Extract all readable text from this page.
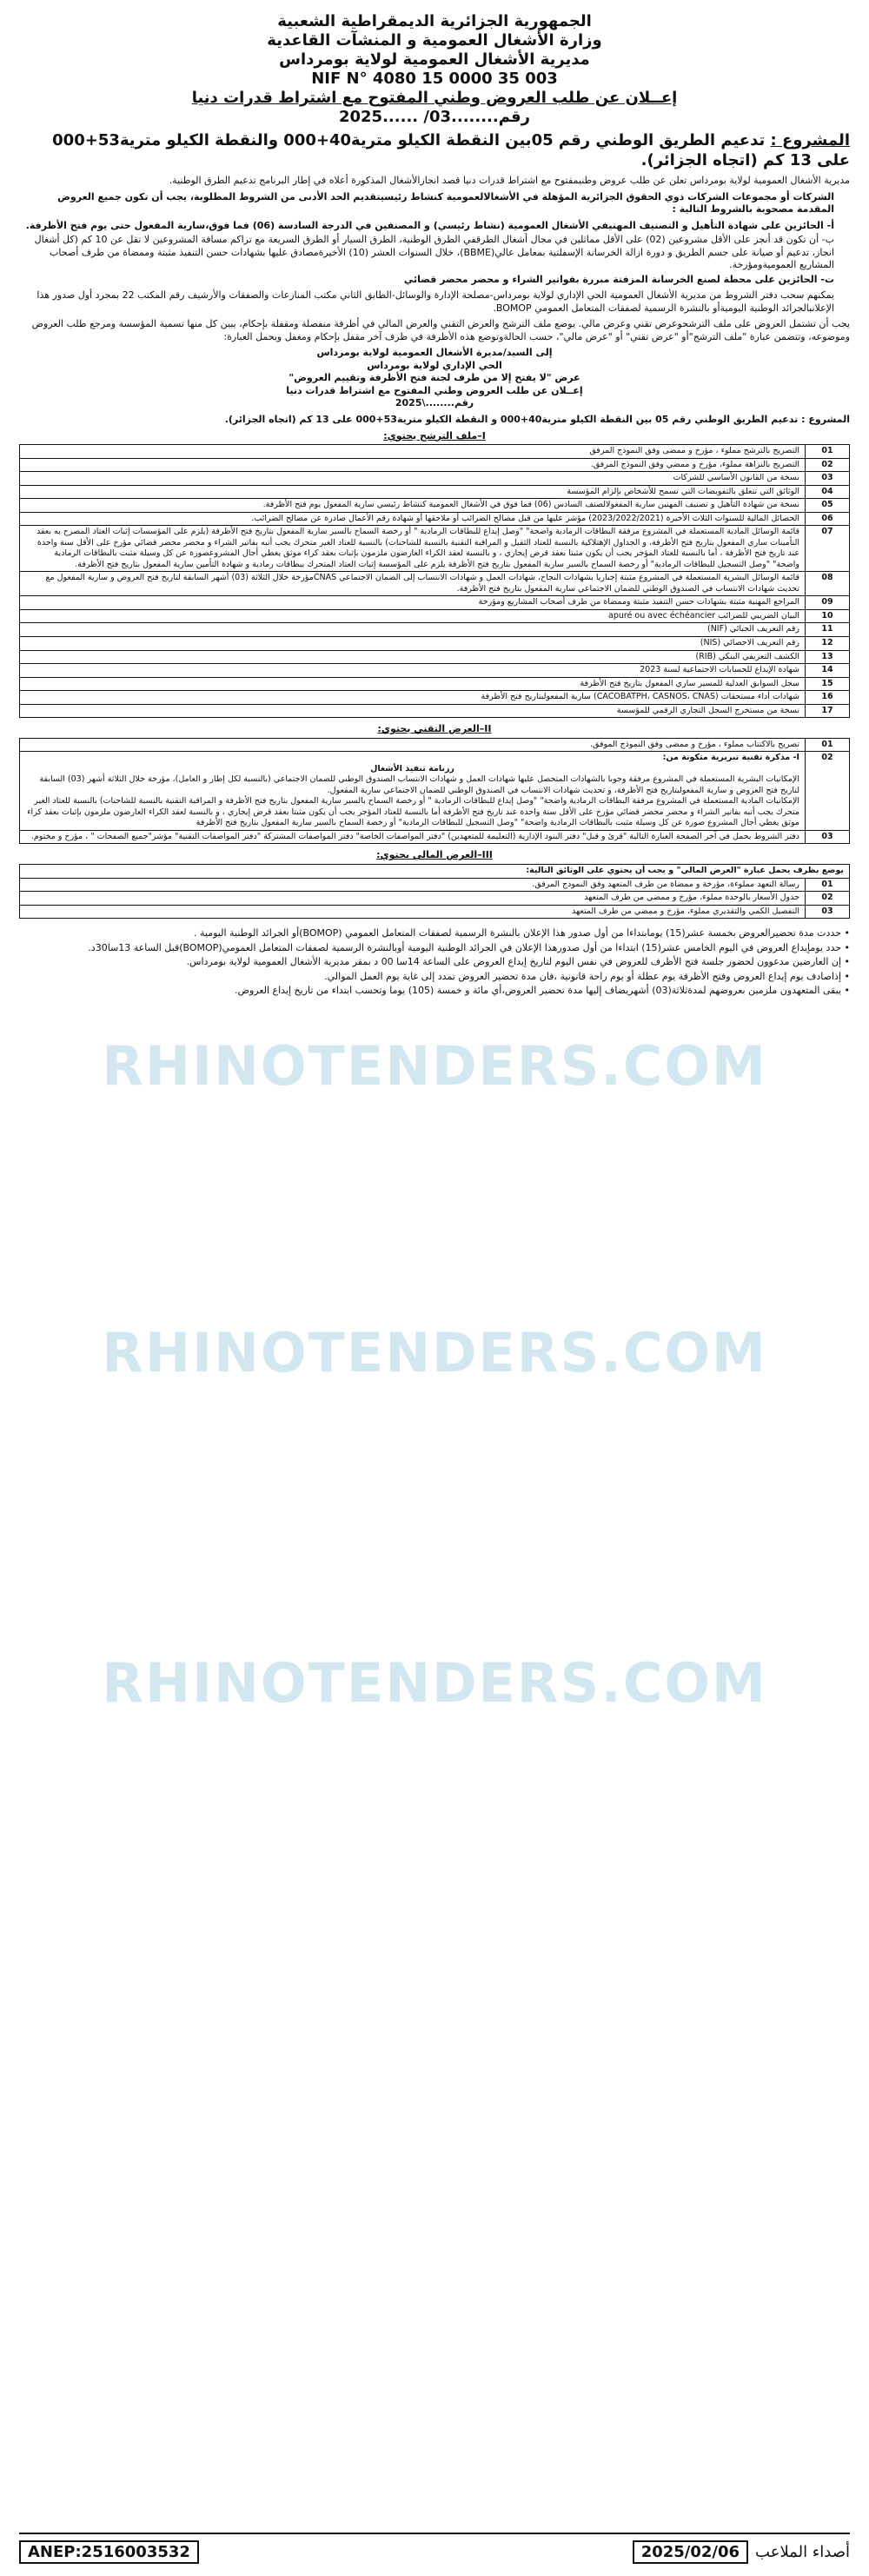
الجمهورية الجزائرية الديمقراطية الشعبية
وزارة الأشغال العمومية و المنشآت القاعدية
مديرية الأشغال العمومية لولاية بومرداس
NIF N° 4080 15 0000 35 003
إعــلان عن طلب العروض وطني المفتوح مع اشتراط قدرات دنيا
رقم........03/ ......2025
المشروع : تدعيم الطريق الوطني رقم 05بين النقطة الكيلو مترية40+000 والنقطة الكيلو مترية53+000 على 13 كم (اتجاه الجزائر).
مديرية الأشغال العمومية لولاية بومرداس تعلن عن طلب عروض وطنيمفتوح مع اشتراط قدرات دنيا قصد انجازالأشغال المذكورة أعلاه في إطار البرنامج تدعيم الطرق الوطنية.
الشركات أو مجموعات الشركات ذوي الحقوق الجزائرية المؤهلة في الأشغالالعمومية كنشاط رئيسيتقديم الحد الأدنى من الشروط المطلوبة، يجب أن تكون جميع العروض المقدمة مصحوبة بالشروط التالية :

أ- الحائزين على شهادة التأهيل و التصنيف المهنيفي الأشغال العمومية (نشاط رئيسي) و المصنفين في الدرجة السادسة (06) فما فوق،سارية المفعول حتى يوم فتح الأظرفة.

ب- أن تكون قد أنجز على الأقل مشروعين (02) على الأقل مماثلين في مجال أشغال الطرقفي الطرق الوطنية، الطرق السيار أو الطرق السريعة مع تراكم مسافة المشروعين لا تقل عن 10 كم (كل أشغال انجاز، تدعيم أو صيانة على جسم الطريق و دورة ازالة الخرسانة الإسفلتية بمعامل عالي(BBME)، خلال السنوات العشر (10) الأخيرةمصادق عليها بشهادات حسن التنفيذ مثبتة وممضاة من طرف أصحاب المشاريع العموميةومؤرخة.

ت- الحائزين على محطة لصنع الخرسانة المزفتة مبررة بفواتير الشراء و محضر محضر قضائي

يمكنهم سحب دفتر الشروط من مديرية الأشغال العمومية الحي الإداري لولاية بومرداس-مصلحة الإدارة والوسائل-الطابق الثاني مكتب المنازعات والصفقات والأرشيف رقم المكتب 22 بمجرد أول صدور هذا الإعلانبالجرائد الوطنية اليوميةأو بالنشرة الرسمية لصفقات المتعامل العمومي BOMOP.
يجب أن تشتمل العروض على ملف الترشحوعرض تقني وعرض مالي. يوضع ملف الترشح والعرض التقني والعرض المالي في أظرفة منفصلة ومقفلة بإحكام، يبين كل منها تسمية المؤسسة ومرجع طلب العروض وموضوعه، وتتضمن عبارة "ملف الترشح"أو "عرض تقني" أو "عرض مالي"، حسب الحالةوتوضع هذه الأظرفة في ظرف آخر مقفل بإحكام ومغفل وبحمل العبارة:
إلى السيد/مديرة الأشغال العمومية لولاية بومرداس
الحي الإداري لولاية بومرداس
عرض "لا يفتح إلا من طرف لجنة فتح الأظرفة وتقييم العروض"
إعــلان عن طلب العروض وطني المفتوح مع اشتراط قدرات دنيا
رقم........\2025
المشروع : تدعيم الطريق الوطني رقم 05 بين النقطة الكيلو مترية40+000 و النقطة الكيلو مترية53+000 على 13 كم (اتجاه الجزائر).
I–ملف الترشح يحتوي:
01	التصريح بالترشح مملوء ، مؤرخ و ممضى وفق النموذج المرفق
02	التصريح بالنزاهة مملوء، مؤرخ و ممضي وفق النموذج المرفق.
03	نسخة من القانون الأساسي للشركات
04	الوثائق التي تتعلق بالتفويضات التي تسمح للأشخاص بإلزام المؤسسة
05	نسخة من شهادة التأهيل و تصنيف المهنين سارية المفعولالصنف السادس (06) فما فوق في الأشغال العمومية كنشاط رئيسي سارية المفعول يوم فتح الأظرفة.
06	الحصائل المالية للسنوات الثلاث الأخيرة (2023/2022/2021) مؤشر عليها من قبل مصالح الضرائب أو ملاحقها أو شهادة رقم الأعمال صادرة عن مصالح الضرائب.
07	قائمة الوسائل المادية المستعملة في المشروع مرفقة البطاقات الرمادية واضحة" "وصل إيداع للبطاقات الرمادية " أو رخصة السماح بالسير سارية المفعول بتاريخ فتح الأظرفة (يلزم على المؤسسات إثبات العتاد المصرح به بعقد التأمينات ساري المفعول بتاريخ فتح الأظرفة، و الجداول الإهتلاكية بالنسبة للعتاد الثقيل و المراقبة التقنية بالنسبة للشاحنات) بالنسبة للعتاد الغير متحرك يجب أتبه بفاتير الشراء و محضر محضر قضائي مؤرخ على الأقل سنة واحدة عند تاريخ فتح الأظرفة ، أما بالنسبة للعتاد المؤجر يجب أن يكون مثبتا بعقد قرض إيجاري ، و بالنسبة لعقد الكراء العارضون ملزمون بإثبات بعقد كراء موثق يغطي أجال المشروعصورة عن كل وسيلة مثبت بالبطاقات الرمادية واضحة" "وصل التسجيل للبطاقات الرمادية" أو رخصة السماح بالسير سارية المفعول بتاريخ فتح الأظرفة يلزم على المؤسسة إثبات العتاد المتحرك ببطاقات رمادية و شهادة التأمين سارية المفعول بتاريخ فتح الأظرفة.
08	قائمة الوسائل البشرية المستعملة في المشروع مثبتة إجباريا بشهادات النجاح، شهادات العمل و شهادات الانتساب إلى الضمان الاجتماعي CNASمؤرخة خلال الثلاثة (03) أشهر السابقة لتاريخ فتح العروض و سارية المفعول مع تحديث شهادات الانتساب في الصندوق الوطني للضمان الاجتماعي سارية المفعول بتاريخ فتح الأظرفة.
09	المراجع المهنية مثبتة بشهادات حسن التنفيذ مثبتة وممضاة من طرف أصحاب المشاريع ومؤرخة
10	البيان الضريبي للضرائب apuré ou avec échéancier
11	رقم التعريف الجبائي (NIF)
12	رقم التعريف الاحصائي (NIS)
13	الكشف التعريفي البنكي (RIB)
14	شهادة الإيداع للحسابات الاجتماعية لسنة 2023
15	سجل السوابق العدلية للمسير ساري المفعول بتاريخ فتح الأظرفة
16	شهادات أداء مستحقات (CACOBATPH، CASNOS، CNAS) سارية المفعولبتاريخ فتح الأظرفة
17	نسخة من مستخرج السجل التجاري الرقمي للمؤسسة
II–العرض التقني يحتوي:
01	تصريح بالاكتتاب مملوء ، مؤرخ و ممضى وفق النموذج الموفق.
02	I- مذكرة تقنية تبريرية متكونة من:
رزنامة تنفيذ الأشغال
الإمكانيات البشرية المستعملة في المشروع مرفقة وجوبا بالشهادات المتحصل عليها شهادات العمل و شهادات الانتساب الصندوق الوطني للضمان الاجتماعي (بالنسبة لكل إطار و العامل)، مؤرخة خلال الثلاثة أشهر (03) السابقة لتاريخ فتح العروض و سارية المفعولبتاريخ فتح الأظرفة، و تحديث شهادات الانتساب في الصندوق الوطني للضمان الاجتماعي سارية المفعول.
الإمكانيات المادية المستعملة في المشروع مرفقة البطاقات الرمادية واضحة" "وصل إيداع للبطاقات الرمادية " أو رخصة السماح بالسير سارية المفعول بتاريخ فتح الأظرفة و المراقبة التقنية بالنسبة للشاحنات) بالنسبة للعتاد الغير متحرك يجب أتبه بفاتير الشراء و محضر محضر قضائي مؤرخ على الأقل سنة واحدة عند تاريخ فتح الأظرفة أما بالنسبة للعتاد المؤجر يجب أن يكون مثبتا بعقد قرض إيجاري ، و بالنسبة لعقد الكراء العارضون ملزمون بإثبات بعقد كراء موثق يغطي أجال المشروع صورة عن كل وسيلة مثبت بالبطاقات الرمادية واضحة" "وصل التسجيل للبطاقات الرمادية" أو رخصة السماح بالسير سارية المفعول بتاريخ فتح الأظرفة

03	دفتر الشروط يحمل في آخر الصفحة العبارة التالية "قرئ و قبل" دفتر البنود الإدارية (التعليمة للمتعهدين) "دفتر المواصفات الخاصة" دفتر المواصفات المشتركة "دفتر المواصفات التقنية" مؤشر"جميع الصفحات " ، مؤرخ و مختوم.
III–العرض المالي يحتوي:
يوضع بظرف يحمل عبارة "العرض المالي" و يجب أن يحتوي على الوثائق التالية:	
01	رسالة التعهد مملوءة، مؤرخة و ممضاة من طرف المتعهد وفق النموذج المرفق.
02	جدول الأسعار بالوحدة مملوء، مؤرخ و ممضي من طرف المتعهد
03	التفصيل الكمي والتقديري مملوء، مؤرخ و ممضي من طرف المتعهد

• حددت مدة تحضيرالعروض بخمسة عشر(15) يومابتداءا من أول صدور هذا الإعلان بالنشرة الرسمية لصفقات المتعامل العمومي (BOMOP)أو الجرائد الوطنية اليومية .

• حدد يومإيداع العروض في اليوم الخامس عشر(15) ابتداءا من أول صدورهذا الإعلان في الجرائد الوطنية اليومية أوبالنشرة الرسمية لصفقات المتعامل العمومي(BOMOP)قبل الساعة 13سا30د.

• إن العارضين مدعوون لحضور جلسة فتح الأظرف للعروض في نفس اليوم لتاريخ إيداع العروض على الساعة 14سا 00 د بمقر مديرية الأشغال العمومية لولاية بومرداس.

• إذاصادف يوم إيداع العروض وفتح الأظرفة يوم عطلة أو يوم راحة قانونية ،فان مدة تحضير العروض تمدد إلى غاية يوم العمل الموالي.

• يبقى المتعهدون ملزمين بعروضهم لمدةثلاثة(03) أشهريضاف إليها مدة تحضير العروض،أي مائة و خمسة (105) يوما وتحسب ابتداء من تاريخ إيداع العروض.

RHINOTENDERS.COM
RHINOTENDERS.COM
RHINOTENDERS.COM
ANEP:2516003532	2025/02/06	أصداء الملاعب
